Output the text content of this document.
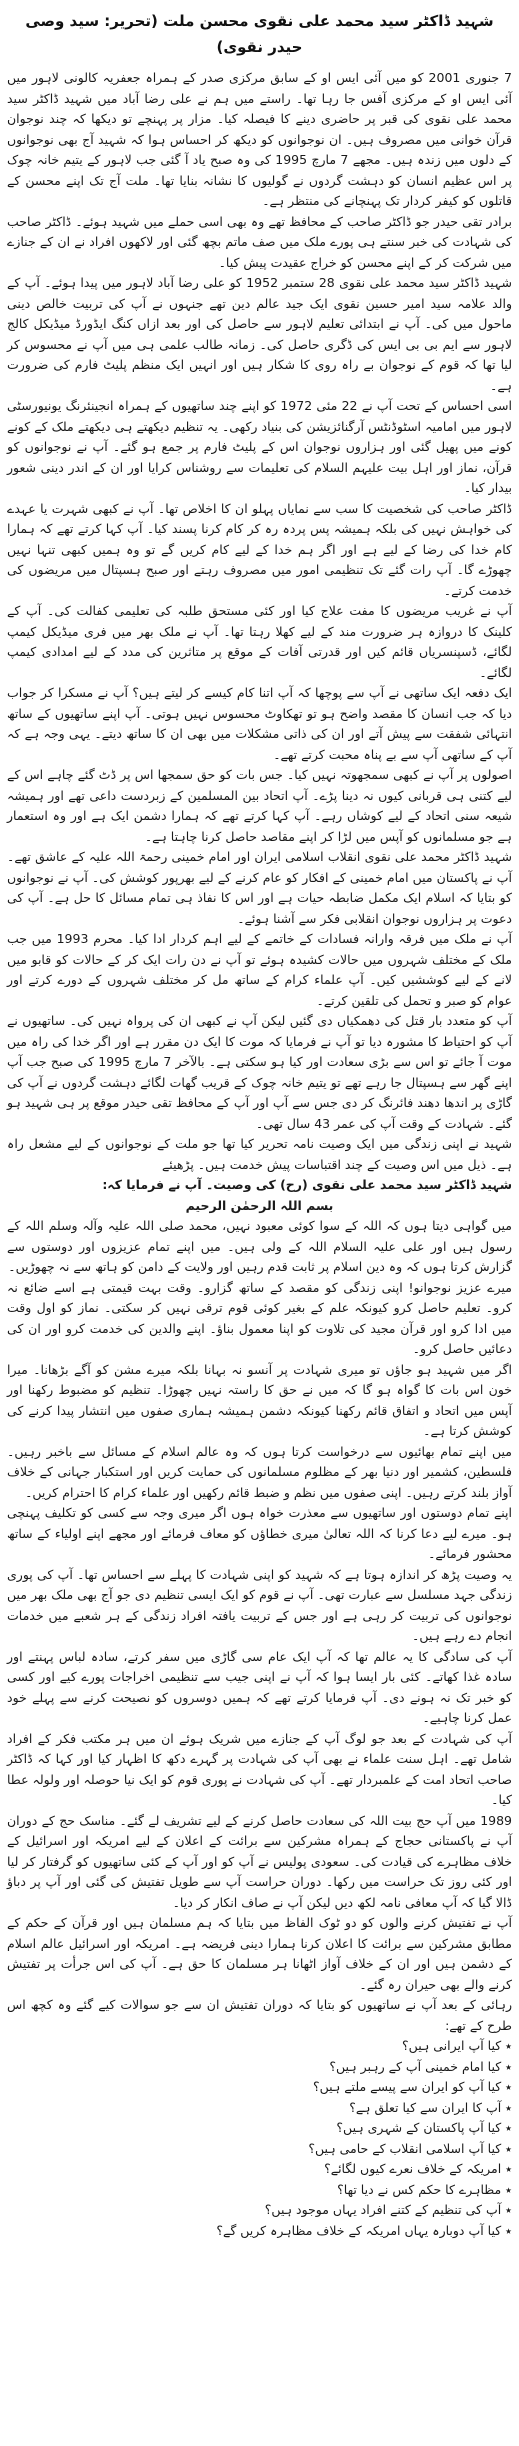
شہید ڈاکٹر سید محمد علی نقوی محسن ملت (تحریر: سید وصی حیدر نقوی)

7 جنوری 2001 کو میں آئی ایس او کے سابق مرکزی صدر کے ہمراہ جعفریہ کالونی لاہور میں آئی ایس او کے مرکزی آفس جا رہا تھا۔ راستے میں ہم نے علی رضا آباد میں شہید ڈاکٹر سید محمد علی نقوی کی قبر پر حاضری دینے کا فیصلہ کیا۔ مزار پر پہنچے تو دیکھا کہ چند نوجوان قرآن خوانی میں مصروف ہیں۔ ان نوجوانوں کو دیکھ کر احساس ہوا کہ شہید آج بھی نوجوانوں کے دلوں میں زندہ ہیں۔ مجھے 7 مارچ 1995 کی وہ صبح یاد آ گئی جب لاہور کے یتیم خانہ چوک پر اس عظیم انسان کو دہشت گردوں نے گولیوں کا نشانہ بنایا تھا۔ ملت آج تک اپنے محسن کے قاتلوں کو کیفر کردار تک پہنچانے کی منتظر ہے۔

برادر تقی حیدر جو ڈاکٹر صاحب کے محافظ تھے وہ بھی اسی حملے میں شہید ہوئے۔ ڈاکٹر صاحب کی شہادت کی خبر سنتے ہی پورے ملک میں صف ماتم بچھ گئی اور لاکھوں افراد نے ان کے جنازے میں شرکت کر کے اپنے محسن کو خراج عقیدت پیش کیا۔

شہید ڈاکٹر سید محمد علی نقوی 28 ستمبر 1952 کو علی رضا آباد لاہور میں پیدا ہوئے۔ آپ کے والد علامہ سید امیر حسین نقوی ایک جید عالم دین تھے جنہوں نے آپ کی تربیت خالص دینی ماحول میں کی۔ آپ نے ابتدائی تعلیم لاہور سے حاصل کی اور بعد ازاں کنگ ایڈورڈ میڈیکل کالج لاہور سے ایم بی بی ایس کی ڈگری حاصل کی۔ زمانہ طالب علمی ہی میں آپ نے محسوس کر لیا تھا کہ قوم کے نوجوان بے راہ روی کا شکار ہیں اور انہیں ایک منظم پلیٹ فارم کی ضرورت ہے۔

اسی احساس کے تحت آپ نے 22 مئی 1972 کو اپنے چند ساتھیوں کے ہمراہ انجینئرنگ یونیورسٹی لاہور میں امامیہ اسٹوڈنٹس آرگنائزیشن کی بنیاد رکھی۔ یہ تنظیم دیکھتے ہی دیکھتے ملک کے کونے کونے میں پھیل گئی اور ہزاروں نوجوان اس کے پلیٹ فارم پر جمع ہو گئے۔ آپ نے نوجوانوں کو قرآن، نماز اور اہل بیت علیہم السلام کی تعلیمات سے روشناس کرایا اور ان کے اندر دینی شعور بیدار کیا۔

ڈاکٹر صاحب کی شخصیت کا سب سے نمایاں پہلو ان کا اخلاص تھا۔ آپ نے کبھی شہرت یا عہدے کی خواہش نہیں کی بلکہ ہمیشہ پس پردہ رہ کر کام کرنا پسند کیا۔ آپ کہا کرتے تھے کہ ہمارا کام خدا کی رضا کے لیے ہے اور اگر ہم خدا کے لیے کام کریں گے تو وہ ہمیں کبھی تنہا نہیں چھوڑے گا۔ آپ رات گئے تک تنظیمی امور میں مصروف رہتے اور صبح ہسپتال میں مریضوں کی خدمت کرتے۔

آپ نے غریب مریضوں کا مفت علاج کیا اور کئی مستحق طلبہ کی تعلیمی کفالت کی۔ آپ کے کلینک کا دروازہ ہر ضرورت مند کے لیے کھلا رہتا تھا۔ آپ نے ملک بھر میں فری میڈیکل کیمپ لگائے، ڈسپنسریاں قائم کیں اور قدرتی آفات کے موقع پر متاثرین کی مدد کے لیے امدادی کیمپ لگائے۔

ایک دفعہ ایک ساتھی نے آپ سے پوچھا کہ آپ اتنا کام کیسے کر لیتے ہیں؟ آپ نے مسکرا کر جواب دیا کہ جب انسان کا مقصد واضح ہو تو تھکاوٹ محسوس نہیں ہوتی۔ آپ اپنے ساتھیوں کے ساتھ انتہائی شفقت سے پیش آتے اور ان کی ذاتی مشکلات میں بھی ان کا ساتھ دیتے۔ یہی وجہ ہے کہ آپ کے ساتھی آپ سے بے پناہ محبت کرتے تھے۔

اصولوں پر آپ نے کبھی سمجھوتہ نہیں کیا۔ جس بات کو حق سمجھا اس پر ڈٹ گئے چاہے اس کے لیے کتنی ہی قربانی کیوں نہ دینا پڑے۔ آپ اتحاد بین المسلمین کے زبردست داعی تھے اور ہمیشہ شیعہ سنی اتحاد کے لیے کوشاں رہے۔ آپ کہا کرتے تھے کہ ہمارا دشمن ایک ہے اور وہ استعمار ہے جو مسلمانوں کو آپس میں لڑا کر اپنے مقاصد حاصل کرنا چاہتا ہے۔

شہید ڈاکٹر محمد علی نقوی انقلاب اسلامی ایران اور امام خمینی رحمۃ اللہ علیہ کے عاشق تھے۔ آپ نے پاکستان میں امام خمینی کے افکار کو عام کرنے کے لیے بھرپور کوشش کی۔ آپ نے نوجوانوں کو بتایا کہ اسلام ایک مکمل ضابطہ حیات ہے اور اس کا نفاذ ہی تمام مسائل کا حل ہے۔ آپ کی دعوت پر ہزاروں نوجوان انقلابی فکر سے آشنا ہوئے۔

آپ نے ملک میں فرقہ وارانہ فسادات کے خاتمے کے لیے اہم کردار ادا کیا۔ محرم 1993 میں جب ملک کے مختلف شہروں میں حالات کشیدہ ہوئے تو آپ نے دن رات ایک کر کے حالات کو قابو میں لانے کے لیے کوششیں کیں۔ آپ علماء کرام کے ساتھ مل کر مختلف شہروں کے دورے کرتے اور عوام کو صبر و تحمل کی تلقین کرتے۔

آپ کو متعدد بار قتل کی دھمکیاں دی گئیں لیکن آپ نے کبھی ان کی پرواہ نہیں کی۔ ساتھیوں نے آپ کو احتیاط کا مشورہ دیا تو آپ نے فرمایا کہ موت کا ایک دن مقرر ہے اور اگر خدا کی راہ میں موت آ جائے تو اس سے بڑی سعادت اور کیا ہو سکتی ہے۔ بالآخر 7 مارچ 1995 کی صبح جب آپ اپنے گھر سے ہسپتال جا رہے تھے تو یتیم خانہ چوک کے قریب گھات لگائے دہشت گردوں نے آپ کی گاڑی پر اندھا دھند فائرنگ کر دی جس سے آپ اور آپ کے محافظ تقی حیدر موقع پر ہی شہید ہو گئے۔ شہادت کے وقت آپ کی عمر 43 سال تھی۔

شہید نے اپنی زندگی میں ایک وصیت نامہ تحریر کیا تھا جو ملت کے نوجوانوں کے لیے مشعل راہ ہے۔ ذیل میں اس وصیت کے چند اقتباسات پیش خدمت ہیں۔ پڑھیئے

شہید ڈاکٹر سید محمد علی نقوی (رح) کی وصیت۔ آپ نے فرمایا کہ:

بسم اللہ الرحمٰن الرحیم

میں گواہی دیتا ہوں کہ اللہ کے سوا کوئی معبود نہیں، محمد صلی اللہ علیہ وآلہ وسلم اللہ کے رسول ہیں اور علی علیہ السلام اللہ کے ولی ہیں۔ میں اپنے تمام عزیزوں اور دوستوں سے گزارش کرتا ہوں کہ وہ دین اسلام پر ثابت قدم رہیں اور ولایت کے دامن کو ہاتھ سے نہ چھوڑیں۔

میرے عزیز نوجوانو! اپنی زندگی کو مقصد کے ساتھ گزارو۔ وقت بہت قیمتی ہے اسے ضائع نہ کرو۔ تعلیم حاصل کرو کیونکہ علم کے بغیر کوئی قوم ترقی نہیں کر سکتی۔ نماز کو اول وقت میں ادا کرو اور قرآن مجید کی تلاوت کو اپنا معمول بناؤ۔ اپنے والدین کی خدمت کرو اور ان کی دعائیں حاصل کرو۔

اگر میں شہید ہو جاؤں تو میری شہادت پر آنسو نہ بہانا بلکہ میرے مشن کو آگے بڑھانا۔ میرا خون اس بات کا گواہ ہو گا کہ میں نے حق کا راستہ نہیں چھوڑا۔ تنظیم کو مضبوط رکھنا اور آپس میں اتحاد و اتفاق قائم رکھنا کیونکہ دشمن ہمیشہ ہماری صفوں میں انتشار پیدا کرنے کی کوشش کرتا ہے۔

میں اپنے تمام بھائیوں سے درخواست کرتا ہوں کہ وہ عالم اسلام کے مسائل سے باخبر رہیں۔ فلسطین، کشمیر اور دنیا بھر کے مظلوم مسلمانوں کی حمایت کریں اور استکبار جہانی کے خلاف آواز بلند کرتے رہیں۔ اپنی صفوں میں نظم و ضبط قائم رکھیں اور علماء کرام کا احترام کریں۔

اپنے تمام دوستوں اور ساتھیوں سے معذرت خواہ ہوں اگر میری وجہ سے کسی کو تکلیف پہنچی ہو۔ میرے لیے دعا کرنا کہ اللہ تعالیٰ میری خطاؤں کو معاف فرمائے اور مجھے اپنے اولیاء کے ساتھ محشور فرمائے۔

یہ وصیت پڑھ کر اندازہ ہوتا ہے کہ شہید کو اپنی شہادت کا پہلے سے احساس تھا۔ آپ کی پوری زندگی جہد مسلسل سے عبارت تھی۔ آپ نے قوم کو ایک ایسی تنظیم دی جو آج بھی ملک بھر میں نوجوانوں کی تربیت کر رہی ہے اور جس کے تربیت یافتہ افراد زندگی کے ہر شعبے میں خدمات انجام دے رہے ہیں۔

آپ کی سادگی کا یہ عالم تھا کہ آپ ایک عام سی گاڑی میں سفر کرتے، سادہ لباس پہنتے اور سادہ غذا کھاتے۔ کئی بار ایسا ہوا کہ آپ نے اپنی جیب سے تنظیمی اخراجات پورے کیے اور کسی کو خبر تک نہ ہونے دی۔ آپ فرمایا کرتے تھے کہ ہمیں دوسروں کو نصیحت کرنے سے پہلے خود عمل کرنا چاہیے۔

آپ کی شہادت کے بعد جو لوگ آپ کے جنازے میں شریک ہوئے ان میں ہر مکتب فکر کے افراد شامل تھے۔ اہل سنت علماء نے بھی آپ کی شہادت پر گہرے دکھ کا اظہار کیا اور کہا کہ ڈاکٹر صاحب اتحاد امت کے علمبردار تھے۔ آپ کی شہادت نے پوری قوم کو ایک نیا حوصلہ اور ولولہ عطا کیا۔

1989 میں آپ حج بیت اللہ کی سعادت حاصل کرنے کے لیے تشریف لے گئے۔ مناسک حج کے دوران آپ نے پاکستانی حجاج کے ہمراہ مشرکین سے برائت کے اعلان کے لیے امریکہ اور اسرائیل کے خلاف مظاہرے کی قیادت کی۔ سعودی پولیس نے آپ کو اور آپ کے کئی ساتھیوں کو گرفتار کر لیا اور کئی روز تک حراست میں رکھا۔ دوران حراست آپ سے طویل تفتیش کی گئی اور آپ پر دباؤ ڈالا گیا کہ آپ معافی نامہ لکھ دیں لیکن آپ نے صاف انکار کر دیا۔

آپ نے تفتیش کرنے والوں کو دو ٹوک الفاظ میں بتایا کہ ہم مسلمان ہیں اور قرآن کے حکم کے مطابق مشرکین سے برائت کا اعلان کرنا ہمارا دینی فریضہ ہے۔ امریکہ اور اسرائیل عالم اسلام کے دشمن ہیں اور ان کے خلاف آواز اٹھانا ہر مسلمان کا حق ہے۔ آپ کی اس جرأت پر تفتیش کرنے والے بھی حیران رہ گئے۔

رہائی کے بعد آپ نے ساتھیوں کو بتایا کہ دوران تفتیش ان سے جو سوالات کیے گئے وہ کچھ اس طرح کے تھے:

٭ کیا آپ ایرانی ہیں؟

٭ کیا امام خمینی آپ کے رہبر ہیں؟

٭ کیا آپ کو ایران سے پیسے ملتے ہیں؟

٭ آپ کا ایران سے کیا تعلق ہے؟

٭ کیا آپ پاکستان کے شہری ہیں؟

٭ کیا آپ اسلامی انقلاب کے حامی ہیں؟

٭ امریکہ کے خلاف نعرے کیوں لگائے؟

٭ مظاہرے کا حکم کس نے دیا تھا؟

٭ آپ کی تنظیم کے کتنے افراد یہاں موجود ہیں؟

٭ کیا آپ دوبارہ یہاں امریکہ کے خلاف مظاہرہ کریں گے؟
